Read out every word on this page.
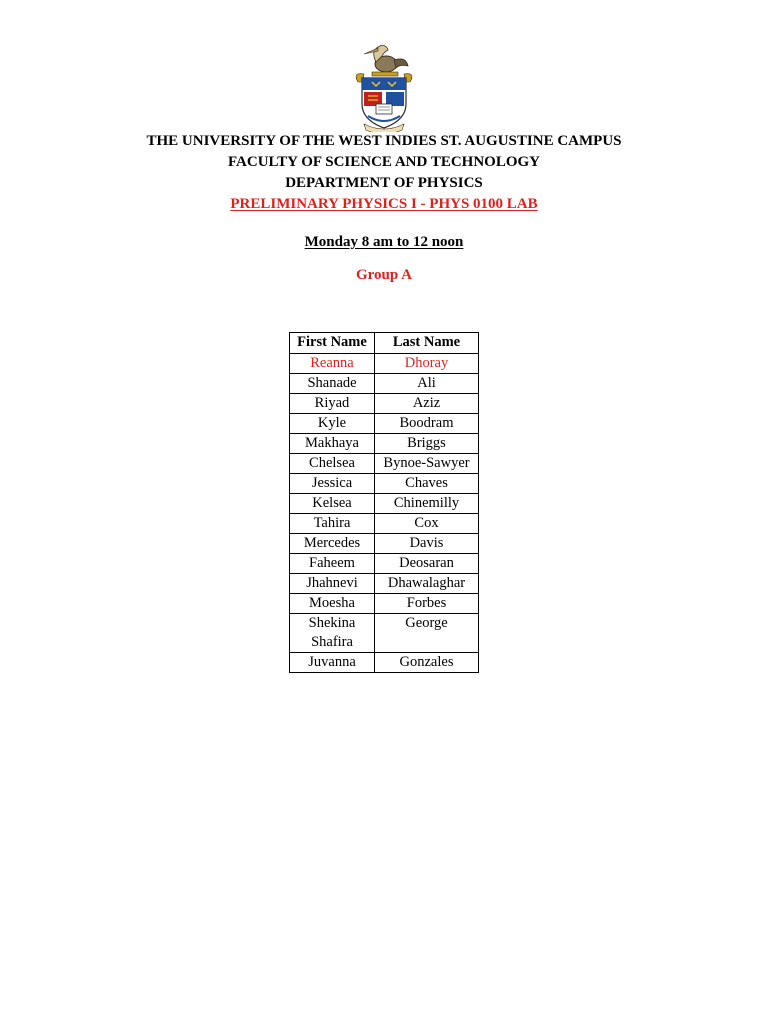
THE UNIVERSITY OF THE WEST INDIES ST. AUGUSTINE CAMPUS
FACULTY OF SCIENCE AND TECHNOLOGY
DEPARTMENT OF PHYSICS
PRELIMINARY PHYSICS I - PHYS 0100 LAB
Monday 8 am to 12 noon
Group A
First Name	Last Name
Reanna	Dhoray
Shanade	Ali
Riyad	Aziz
Kyle	Boodram
Makhaya	Briggs
Chelsea	Bynoe-Sawyer
Jessica	Chaves
Kelsea	Chinemilly
Tahira	Cox
Mercedes	Davis
Faheem	Deosaran
Jhahnevi	Dhawalaghar
Moesha	Forbes

Shekina Shafira	George
Juvanna	Gonzales
